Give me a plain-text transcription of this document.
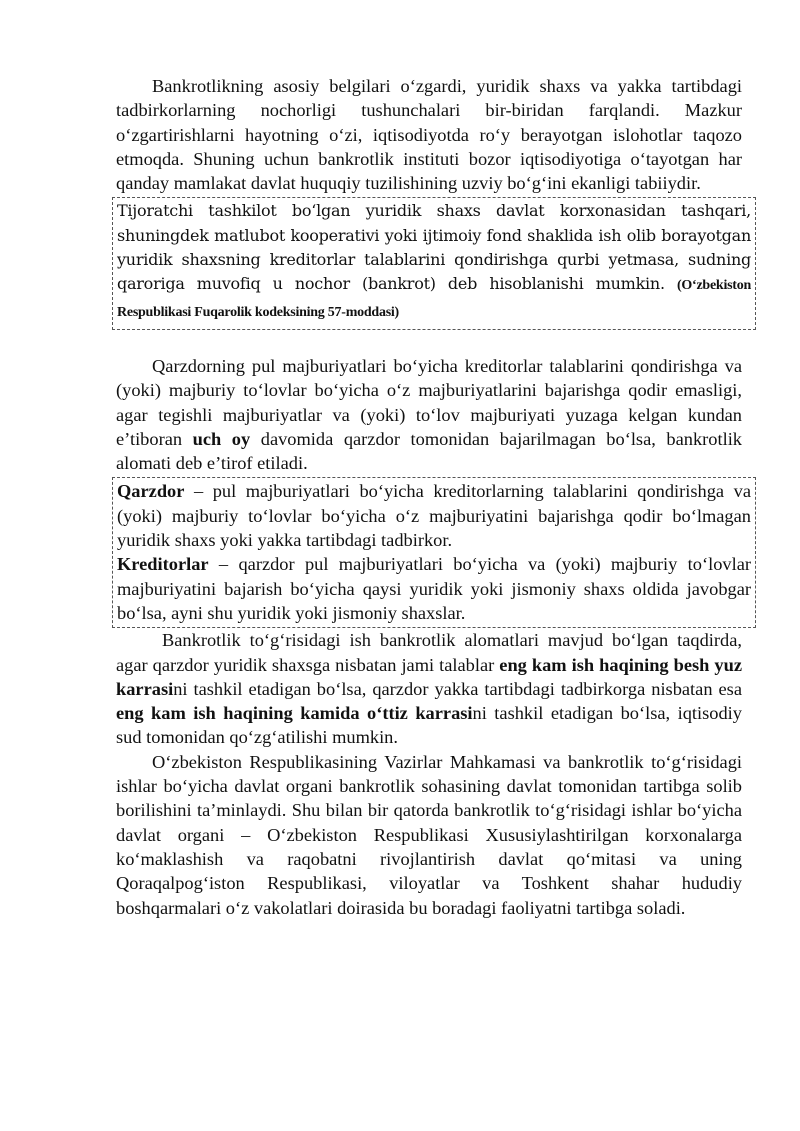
Bankrotlikning asosiy belgilari o‘zgardi, yuridik shaxs va yakka tartibdagi tadbirkorlarning nochorligi tushunchalari bir-biridan farqlandi. Mazkur o‘zgartirishlarni hayotning o‘zi, iqtisodiyotda ro‘y berayotgan islohotlar taqozo etmoqda. Shuning uchun bankrotlik instituti bozor iqtisodiyotiga o‘tayotgan har qanday mamlakat davlat huquqiy tuzilishining uzviy bo‘g‘ini ekanligi tabiiydir.

Tijoratchi tashkilot bo‘lgan yuridik shaxs davlat korxonasidan tashqari, shuningdek matlubot kooperativi yoki ijtimoiy fond shaklida ish olib borayotgan yuridik shaxsning kreditorlar talablarini qondirishga qurbi yetmasa, sudning qaroriga muvofiq u nochor (bankrot) deb hisoblanishi mumkin. (O‘zbekiston Respublikasi Fuqarolik kodeksining 57-moddasi)

Qarzdorning pul majburiyatlari bo‘yicha kreditorlar talablarini qondirishga va (yoki) majburiy to‘lovlar bo‘yicha o‘z majburiyatlarini bajarishga qodir emasligi, agar tegishli majburiyatlar va (yoki) to‘lov majburiyati yuzaga kelgan kundan e’tiboran uch oy davomida qarzdor tomonidan bajarilmagan bo‘lsa, bankrotlik alomati deb e’tirof etiladi.

Qarzdor – pul majburiyatlari bo‘yicha kreditorlarning talablarini qondirishga va (yoki) majburiy to‘lovlar bo‘yicha o‘z majburiyatini bajarishga qodir bo‘lmagan yuridik shaxs yoki yakka tartibdagi tadbirkor.

Kreditorlar – qarzdor pul majburiyatlari bo‘yicha va (yoki) majburiy to‘lovlar majburiyatini bajarish bo‘yicha qaysi yuridik yoki jismoniy shaxs oldida javobgar bo‘lsa, ayni shu yuridik yoki jismoniy shaxslar.

Bankrotlik to‘g‘risidagi ish bankrotlik alomatlari mavjud bo‘lgan taqdirda, agar qarzdor yuridik shaxsga nisbatan jami talablar eng kam ish haqining besh yuz karrasini tashkil etadigan bo‘lsa, qarzdor yakka tartibdagi tadbirkorga nisbatan esa eng kam ish haqining kamida o‘ttiz karrasini tashkil etadigan bo‘lsa, iqtisodiy sud tomonidan qo‘zg‘atilishi mumkin.

O‘zbekiston Respublikasining Vazirlar Mahkamasi va bankrotlik to‘g‘risidagi ishlar bo‘yicha davlat organi bankrotlik sohasining davlat tomonidan tartibga solib borilishini ta’minlaydi. Shu bilan bir qatorda bankrotlik to‘g‘risidagi ishlar bo‘yicha davlat organi – O‘zbekiston Respublikasi Xususiylashtirilgan korxonalarga ko‘maklashish va raqobatni rivojlantirish davlat qo‘mitasi va uning Qoraqalpog‘iston Respublikasi, viloyatlar va Toshkent shahar hududiy boshqarmalari o‘z vakolatlari doirasida bu boradagi faoliyatni tartibga soladi.
